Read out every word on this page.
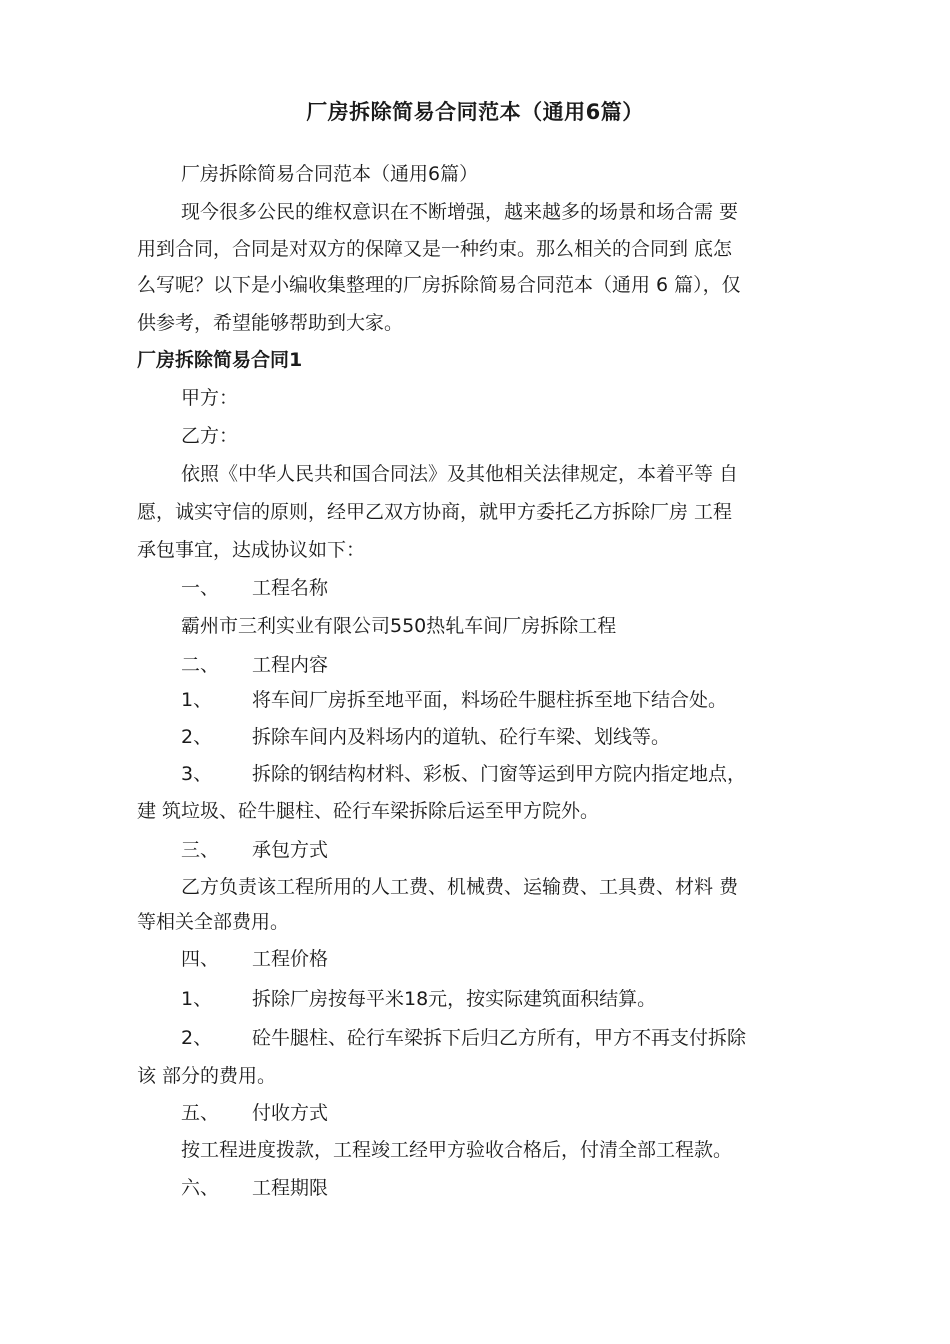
厂房拆除简易合同范本（通用6篇）
厂房拆除简易合同范本（通用6篇）
现今很多公民的维权意识在不断增强，越来越多的场景和场合需 要
用到合同，合同是对双方的保障又是一种约束。那么相关的合同到 底怎
么写呢？以下是小编收集整理的厂房拆除简易合同范本（通用 6 篇），仅
供参考，希望能够帮助到大家。
厂房拆除简易合同1
甲方：
乙方：
依照《中华人民共和国合同法》及其他相关法律规定，本着平等 自
愿，诚实守信的原则，经甲乙双方协商，就甲方委托乙方拆除厂房 工程
承包事宜，达成协议如下：
一、 工程名称
霸州市三利实业有限公司550热轧车间厂房拆除工程
二、 工程内容
1、 将车间厂房拆至地平面，料场砼牛腿柱拆至地下结合处。
2、 拆除车间内及料场内的道轨、砼行车梁、划线等。
3、 拆除的钢结构材料、彩板、门窗等运到甲方院内指定地点，
建 筑垃圾、砼牛腿柱、砼行车梁拆除后运至甲方院外。
三、 承包方式
乙方负责该工程所用的人工费、机械费、运输费、工具费、材料 费
等相关全部费用。
四、 工程价格
1、 拆除厂房按每平米18元，按实际建筑面积结算。
2、 砼牛腿柱、砼行车梁拆下后归乙方所有，甲方不再支付拆除
该 部分的费用。
五、 付收方式
按工程进度拨款，工程竣工经甲方验收合格后，付清全部工程款。
六、 工程期限
